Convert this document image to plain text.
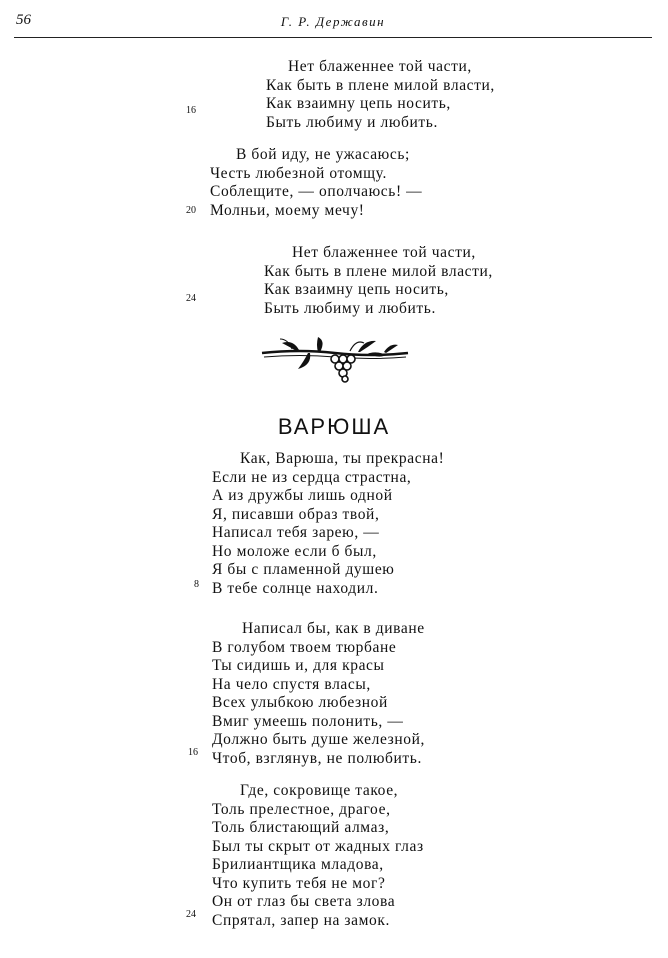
56	Г. Р. Державин
Нет блаженнее той части,
Как быть в плене милой власти,
Как взаимну цепь носить,
Быть любиму и любить.
16
В бой иду, не ужасаюсь;
Честь любезной отомщу.
Соблещите, — ополчаюсь! —
Молньи, моему мечу!
20
Нет блаженнее той части,
Как быть в плене милой власти,
Как взаимну цепь носить,
Быть любиму и любить.
24
ВАРЮША
Как, Варюша, ты прекрасна!
Если не из сердца страстна,
А из дружбы лишь одной
Я, писавши образ твой,
Написал тебя зарею, —
Но моложе если б был,
Я бы с пламенной душею
В тебе солнце находил.
8
Написал бы, как в диване
В голубом твоем тюрбане
Ты сидишь и, для красы
На чело спустя власы,
Всех улыбкою любезной
Вмиг умеешь полонить, —
Должно быть душе железной,
Чтоб, взглянув, не полюбить.
16
Где, сокровище такое,
Толь прелестное, драгое,
Толь блистающий алмаз,
Был ты скрыт от жадных глаз
Брилиантщика младова,
Что купить тебя не мог?
Он от глаз бы света злова
Спрятал, запер на замок.
24
